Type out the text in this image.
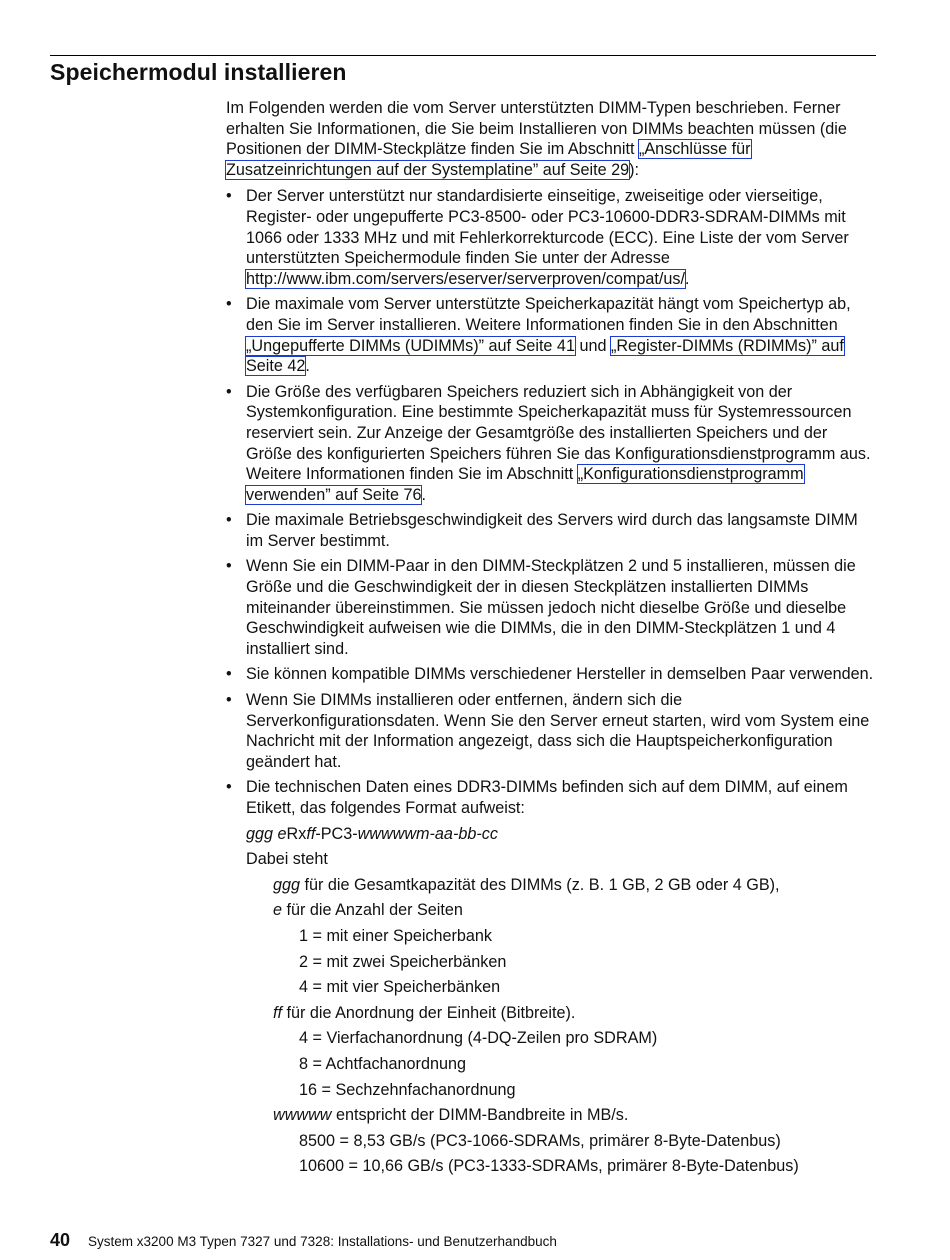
Speichermodul installieren

Im Folgenden werden die vom Server unterstützten DIMM-Typen beschrieben. Ferner erhalten Sie Informationen, die Sie beim Installieren von DIMMs beachten müssen (die Positionen der DIMM-Steckplätze finden Sie im Abschnitt „Anschlüsse für Zusatzeinrichtungen auf der Systemplatine” auf Seite 29):

• Der Server unterstützt nur standardisierte einseitige, zweiseitige oder vierseitige, Register- oder ungepufferte PC3-8500- oder PC3-10600-DDR3-SDRAM-DIMMs mit 1066 oder 1333 MHz und mit Fehlerkorrekturcode (ECC). Eine Liste der vom Server unterstützten Speichermodule finden Sie unter der Adresse http://www.ibm.com/servers/eserver/serverproven/compat/us/.
• Die maximale vom Server unterstützte Speicherkapazität hängt vom Speichertyp ab, den Sie im Server installieren. Weitere Informationen finden Sie in den Abschnitten „Ungepufferte DIMMs (UDIMMs)” auf Seite 41 und „Register-DIMMs (RDIMMs)” auf Seite 42.
• Die Größe des verfügbaren Speichers reduziert sich in Abhängigkeit von der Systemkonfiguration. Eine bestimmte Speicherkapazität muss für Systemressourcen reserviert sein. Zur Anzeige der Gesamtgröße des installierten Speichers und der Größe des konfigurierten Speichers führen Sie das Konfigurationsdienstprogramm aus. Weitere Informationen finden Sie im Abschnitt „Konfigurationsdienstprogramm verwenden” auf Seite 76.
• Die maximale Betriebsgeschwindigkeit des Servers wird durch das langsamste DIMM im Server bestimmt.
• Wenn Sie ein DIMM-Paar in den DIMM-Steckplätzen 2 und 5 installieren, müssen die Größe und die Geschwindigkeit der in diesen Steckplätzen installierten DIMMs miteinander übereinstimmen. Sie müssen jedoch nicht dieselbe Größe und dieselbe Geschwindigkeit aufweisen wie die DIMMs, die in den DIMM-Steckplätzen 1 und 4 installiert sind.
• Sie können kompatible DIMMs verschiedener Hersteller in demselben Paar verwenden.
• Wenn Sie DIMMs installieren oder entfernen, ändern sich die Serverkonfigurationsdaten. Wenn Sie den Server erneut starten, wird vom System eine Nachricht mit der Information angezeigt, dass sich die Hauptspeicherkonfiguration geändert hat.
• Die technischen Daten eines DDR3-DIMMs befinden sich auf dem DIMM, auf einem Etikett, das folgendes Format aufweist:
ggg eRxff-PC3-wwwwwm-aa-bb-cc
Dabei steht
ggg für die Gesamtkapazität des DIMMs (z. B. 1 GB, 2 GB oder 4 GB),
e für die Anzahl der Seiten
1 = mit einer Speicherbank
2 = mit zwei Speicherbänken
4 = mit vier Speicherbänken
ff für die Anordnung der Einheit (Bitbreite).
4 = Vierfachanordnung (4-DQ-Zeilen pro SDRAM)
8 = Achtfachanordnung
16 = Sechzehnfachanordnung
wwwww entspricht der DIMM-Bandbreite in MB/s.
8500 = 8,53 GB/s (PC3-1066-SDRAMs, primärer 8-Byte-Datenbus)
10600 = 10,66 GB/s (PC3-1333-SDRAMs, primärer 8-Byte-Datenbus)
40 System x3200 M3 Typen 7327 und 7328: Installations- und Benutzerhandbuch
